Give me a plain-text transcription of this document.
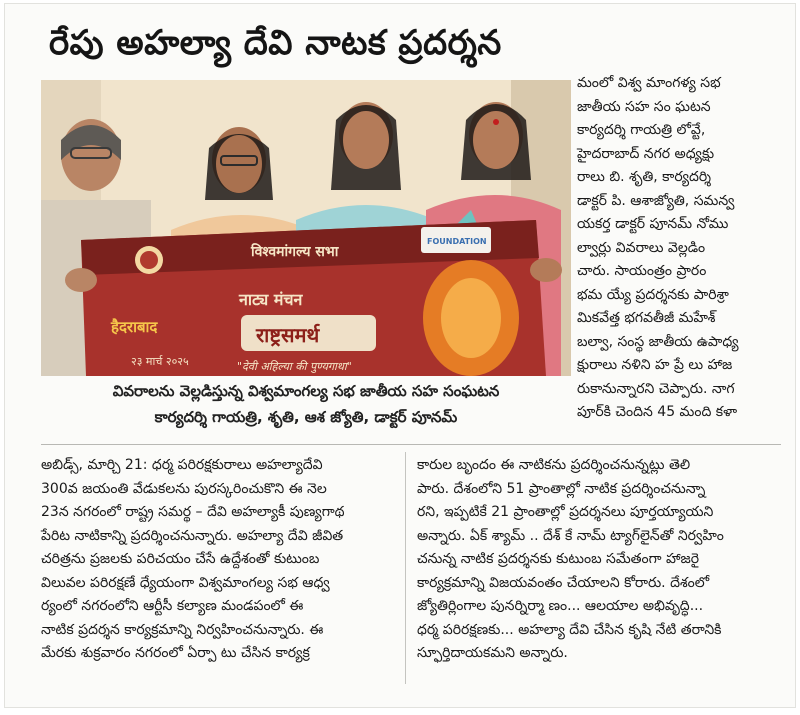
రేపు అహల్యా దేవి నాటక ప్రదర్శన
विश्वमांगल्य सभा
नाट्य मंचन
राष्ट्रसमर्थ
"देवी अहिल्या की पुण्यगाथा"
हैदराबाद
२३ मार्च २०२५
FOUNDATION
వివరాలను వెల్లడిస్తున్న విశ్వమాంగల్య సభ జాతీయ సహ సంఘటన
కార్యదర్శి గాయత్రి, శృతి, ఆశ జ్యోతి, డాక్టర్ పూనమ్
మంలో విశ్వ మాంగళ్య సభ
జాతీయ సహ సం ఘటన
కార్యదర్శి గాయత్రి లోవ్టే,
హైదరాబాద్ నగర అధ్యక్షు
రాలు బి. శృతి, కార్యదర్శి
డాక్టర్ పి. ఆశాజ్యోతి, సమన్వ
యకర్త డాక్టర్ పూనమ్ నోము
ల్వార్లు వివరాలు వెల్లడిం
చారు. సాయంత్రం ప్రారం
భమ య్యే ప్రదర్శనకు పారిశ్రా
మికవేత్త భగవతీజీ మహేశ్
బల్వా, సంస్థ జాతీయ ఉపాధ్య
క్షురాలు నళిని హ ప్రే లు హాజ
రుకానున్నారని చెప్పారు. నాగ
పూర్‌కి చెందిన 45 మంది కళా
అబిడ్స్, మార్చి 21: ధర్మ పరిరక్షకురాలు అహల్యాదేవి
300వ జయంతి వేడుకలను పురస్కరించుకొని ఈ నెల
23న నగరంలో రాష్ట్ర సమర్థ – దేవి అహల్యాకీ పుణ్యగాథ
పేరిట నాటికాన్ని ప్రదర్శించనున్నారు. అహల్యా దేవి జీవిత
చరిత్రను ప్రజలకు పరిచయం చేసే ఉద్దేశంతో కుటుంబ
విలువల పరిరక్షణే ధ్యేయంగా విశ్వమాంగల్య సభ ఆధ్వ
ర్యంలో నగరంలోని ఆర్టీసీ కల్యాణ మండపంలో ఈ
నాటిక ప్రదర్శన కార్యక్రమాన్ని నిర్వహించనున్నారు. ఈ
మేరకు శుక్రవారం నగరంలో ఏర్పా టు చేసిన కార్యక్ర
కారుల బృందం ఈ నాటికను ప్రదర్శించనున్నట్లు తెలి
పారు. దేశంలోని 51 ప్రాంతాల్లో నాటిక ప్రదర్శించనున్నా
రని, ఇప్పటికే 21 ప్రాంతాల్లో ప్రదర్శనలు పూర్తయ్యాయని
అన్నారు. ఏక్ శ్యామ్ .. దేశ్ కే నామ్ ట్యాగ్‌లైన్‌తో నిర్వహిం
చనున్న నాటిక ప్రదర్శనకు కుటుంబ సమేతంగా హాజరై
కార్యక్రమాన్ని విజయవంతం చేయాలని కోరారు. దేశంలో
జ్యోతిర్లింగాల పునర్నిర్మా ణం... ఆలయాల అభివృద్ధి...
ధర్మ పరిరక్షణకు... అహల్యా దేవి చేసిన కృషి నేటి తరానికి
స్ఫూర్తిదాయకమని అన్నారు.
